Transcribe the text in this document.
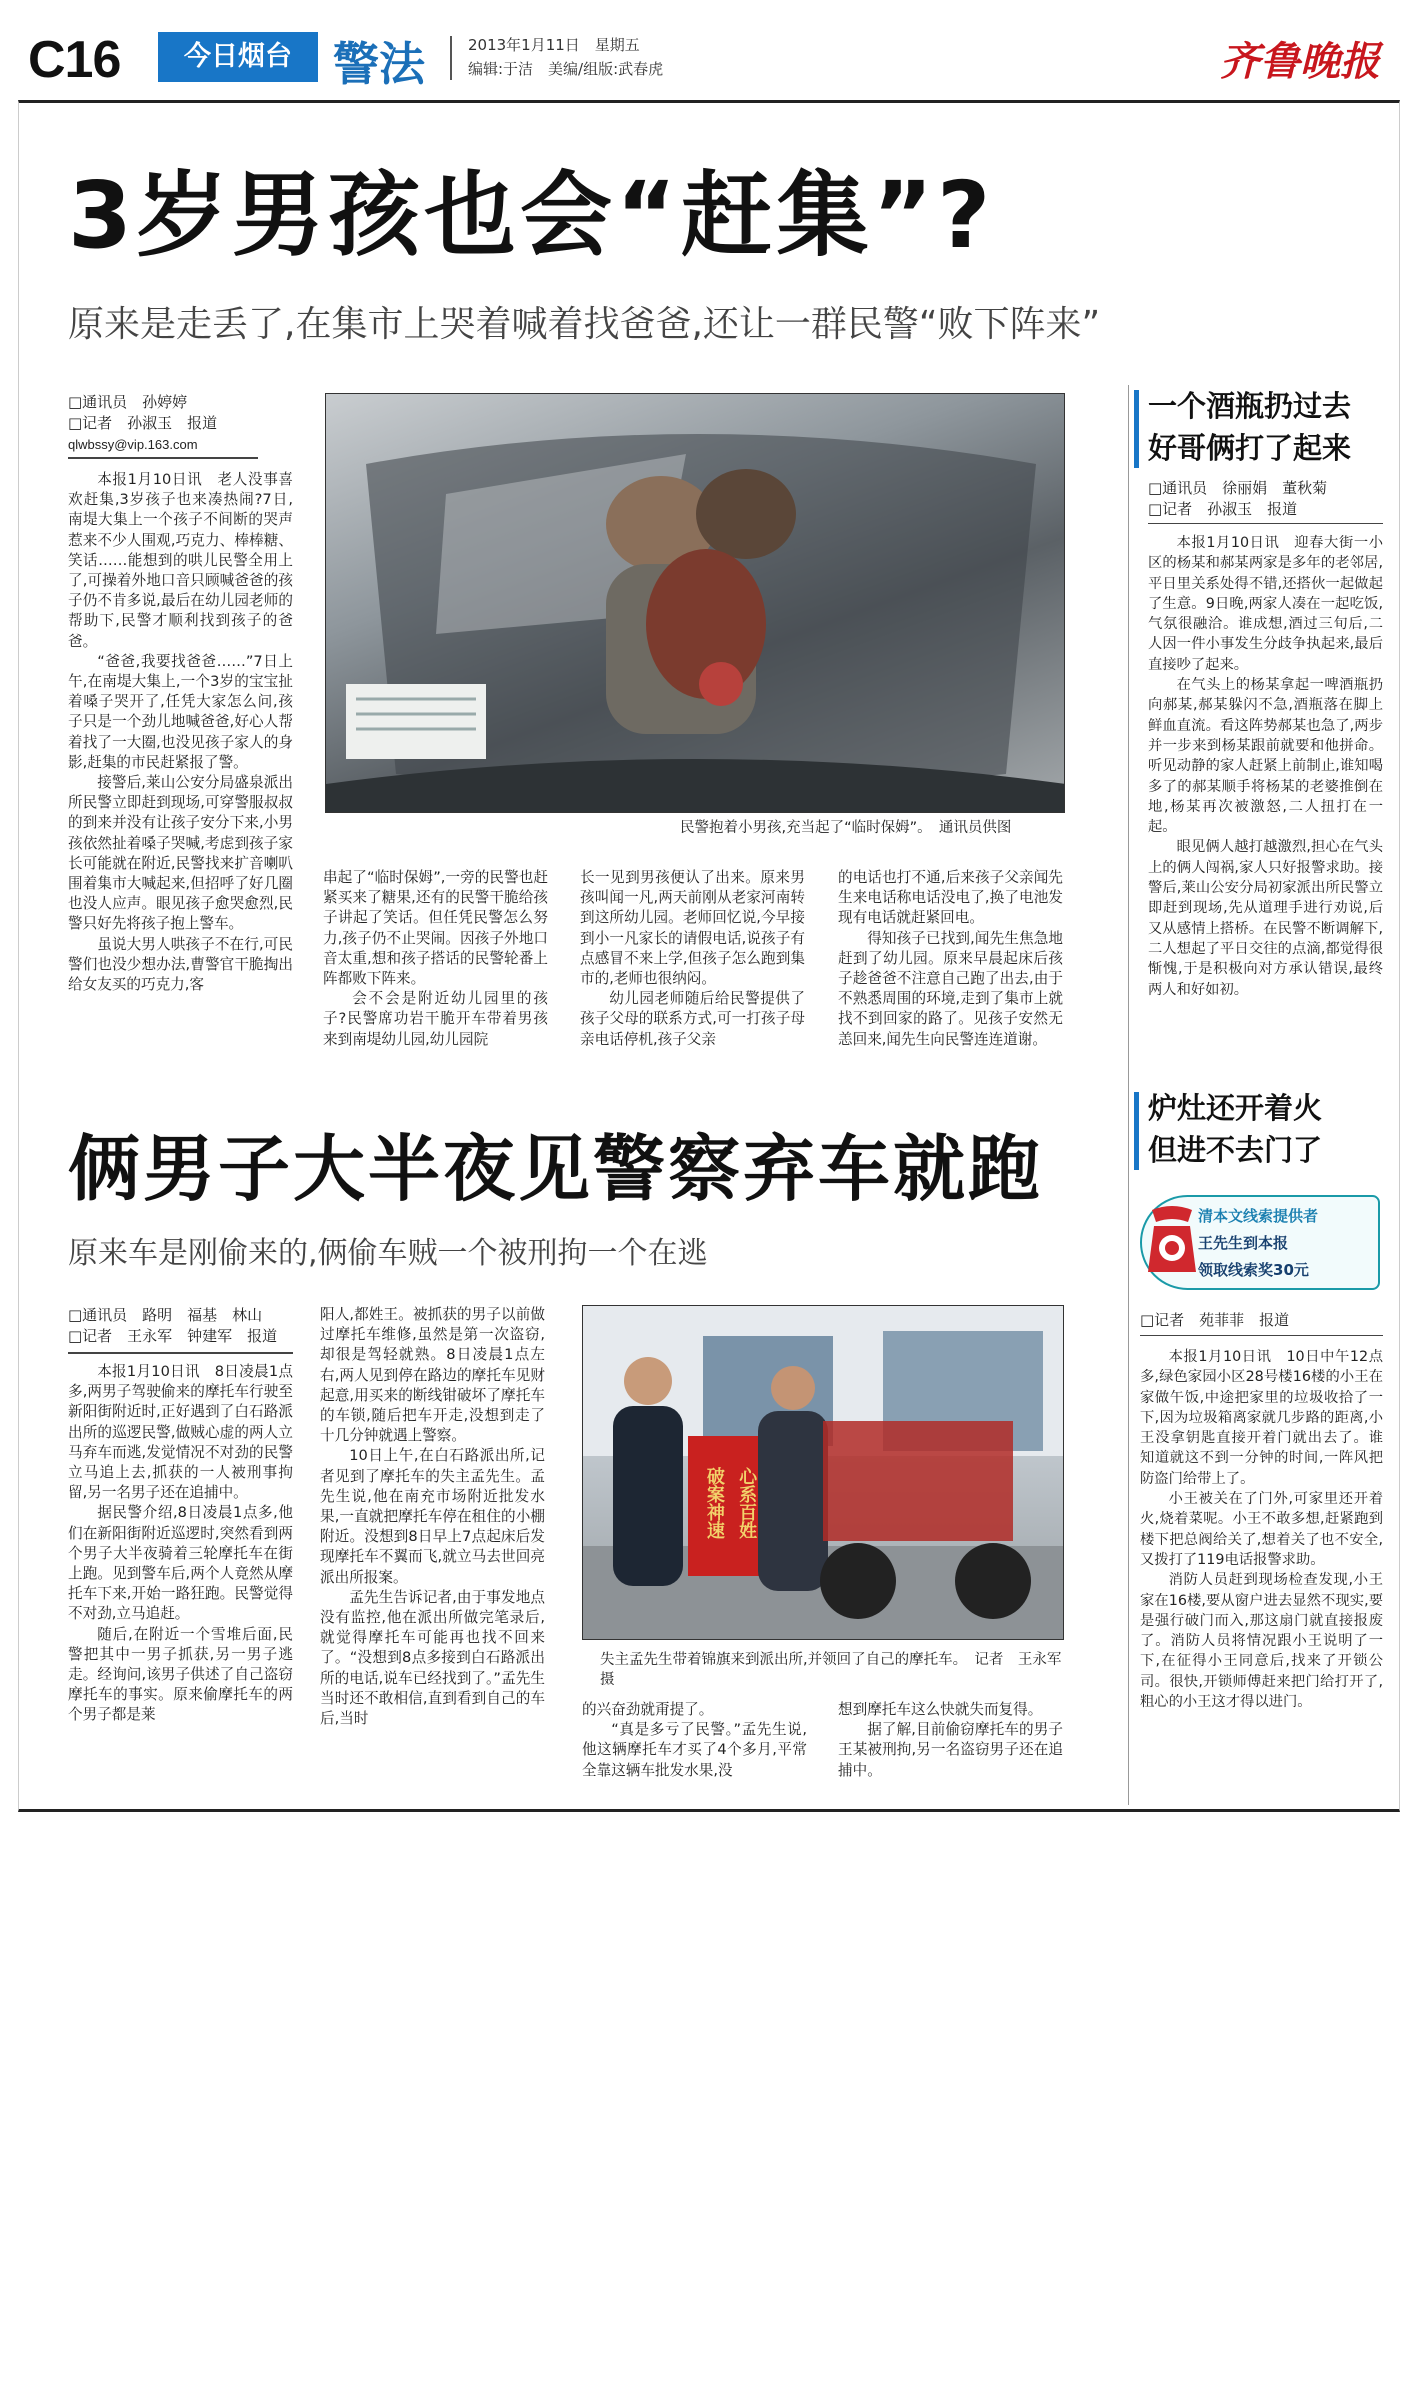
C16	今日烟台 警法	2013年1月11日　星期五
编辑:于洁　美编/组版:武春虎	齐鲁晚报
3岁男孩也会“赶集”?
原来是走丢了,在集市上哭着喊着找爸爸,还让一群民警“败下阵来”
□通讯员　孙婷婷
□记者　孙淑玉　报道
qlwbssy@vip.163.com
民警抱着小男孩,充当起了“临时保姆”。　通讯员供图

本报1月10日讯　老人没事喜欢赶集,3岁孩子也来凑热闹?7日,南堤大集上一个孩子不间断的哭声惹来不少人围观,巧克力、棒棒糖、笑话……能想到的哄儿民警全用上了,可操着外地口音只顾喊爸爸的孩子仍不肯多说,最后在幼儿园老师的帮助下,民警才顺利找到孩子的爸爸。

“爸爸,我要找爸爸……”7日上午,在南堤大集上,一个3岁的宝宝扯着嗓子哭开了,任凭大家怎么问,孩子只是一个劲儿地喊爸爸,好心人帮着找了一大圈,也没见孩子家人的身影,赶集的市民赶紧报了警。

接警后,莱山公安分局盛泉派出所民警立即赶到现场,可穿警服叔叔的到来并没有让孩子安分下来,小男孩依然扯着嗓子哭喊,考虑到孩子家长可能就在附近,民警找来扩音喇叭围着集市大喊起来,但招呼了好几圈也没人应声。眼见孩子愈哭愈烈,民警只好先将孩子抱上警车。

虽说大男人哄孩子不在行,可民警们也没少想办法,曹警官干脆掏出给女友买的巧克力,客

串起了“临时保姆”,一旁的民警也赶紧买来了糖果,还有的民警干脆给孩子讲起了笑话。但任凭民警怎么努力,孩子仍不止哭闹。因孩子外地口音太重,想和孩子搭话的民警轮番上阵都败下阵来。

会不会是附近幼儿园里的孩子?民警席功岩干脆开车带着男孩来到南堤幼儿园,幼儿园院

长一见到男孩便认了出来。原来男孩叫闻一凡,两天前刚从老家河南转到这所幼儿园。老师回忆说,今早接到小一凡家长的请假电话,说孩子有点感冒不来上学,但孩子怎么跑到集市的,老师也很纳闷。

幼儿园老师随后给民警提供了孩子父母的联系方式,可一打孩子母亲电话停机,孩子父亲

的电话也打不通,后来孩子父亲闻先生来电话称电话没电了,换了电池发现有电话就赶紧回电。

得知孩子已找到,闻先生焦急地赶到了幼儿园。原来早晨起床后孩子趁爸爸不注意自己跑了出去,由于不熟悉周围的环境,走到了集市上就找不到回家的路了。见孩子安然无恙回来,闻先生向民警连连道谢。

俩男子大半夜见警察弃车就跑
原来车是刚偷来的,俩偷车贼一个被刑拘一个在逃
□通讯员　路明　福基　林山
□记者　王永军　钟建军　报道

本报1月10日讯　8日凌晨1点多,两男子驾驶偷来的摩托车行驶至新阳街附近时,正好遇到了白石路派出所的巡逻民警,做贼心虚的两人立马弃车而逃,发觉情况不对劲的民警立马追上去,抓获的一人被刑事拘留,另一名男子还在追捕中。

据民警介绍,8日凌晨1点多,他们在新阳街附近巡逻时,突然看到两个男子大半夜骑着三轮摩托车在街上跑。见到警车后,两个人竟然从摩托车下来,开始一路狂跑。民警觉得不对劲,立马追赶。

随后,在附近一个雪堆后面,民警把其中一男子抓获,另一男子逃走。经询问,该男子供述了自己盗窃摩托车的事实。原来偷摩托车的两个男子都是莱

阳人,都姓王。被抓获的男子以前做过摩托车维修,虽然是第一次盗窃,却很是驾轻就熟。8日凌晨1点左右,两人见到停在路边的摩托车见财起意,用买来的断线钳破坏了摩托车的车锁,随后把车开走,没想到走了十几分钟就遇上警察。

10日上午,在白石路派出所,记者见到了摩托车的失主孟先生。孟先生说,他在南充市场附近批发水果,一直就把摩托车停在租住的小棚附近。没想到8日早上7点起床后发现摩托车不翼而飞,就立马去世回亮派出所报案。

孟先生告诉记者,由于事发地点没有监控,他在派出所做完笔录后,就觉得摩托车可能再也找不回来了。“没想到8点多接到白石路派出所的电话,说车已经找到了。”孟先生当时还不敢相信,直到看到自己的车后,当时

破案神速 心系百姓
失主孟先生带着锦旗来到派出所,并领回了自己的摩托车。　记者　王永军　摄

的兴奋劲就甭提了。

“真是多亏了民警。”孟先生说,他这辆摩托车才买了4个多月,平常全靠这辆车批发水果,没

想到摩托车这么快就失而复得。

据了解,目前偷窃摩托车的男子王某被刑拘,另一名盗窃男子还在追捕中。

一个酒瓶扔过去
好哥俩打了起来
□通讯员　徐丽娟　董秋菊
□记者　孙淑玉　报道

本报1月10日讯　迎春大街一小区的杨某和郝某两家是多年的老邻居,平日里关系处得不错,还搭伙一起做起了生意。9日晚,两家人凑在一起吃饭,气氛很融洽。谁成想,酒过三旬后,二人因一件小事发生分歧争执起来,最后直接吵了起来。

在气头上的杨某拿起一啤酒瓶扔向郝某,郝某躲闪不急,酒瓶落在脚上鲜血直流。看这阵势郝某也急了,两步并一步来到杨某跟前就要和他拼命。听见动静的家人赶紧上前制止,谁知喝多了的郝某顺手将杨某的老婆推倒在地,杨某再次被激怒,二人扭打在一起。

眼见俩人越打越激烈,担心在气头上的俩人闯祸,家人只好报警求助。接警后,莱山公安分局初家派出所民警立即赶到现场,先从道理手进行劝说,后又从感情上搭桥。在民警不断调解下,二人想起了平日交往的点滴,都觉得很惭愧,于是积极向对方承认错误,最终两人和好如初。

炉灶还开着火
但进不去门了
清本文线索提供者
王先生到本报
领取线索奖30元
□记者　苑菲菲　报道

本报1月10日讯　10日中午12点多,绿色家园小区28号楼16楼的小王在家做午饭,中途把家里的垃圾收拾了一下,因为垃圾箱离家就几步路的距离,小王没拿钥匙直接开着门就出去了。谁知道就这不到一分钟的时间,一阵风把防盗门给带上了。

小王被关在了门外,可家里还开着火,烧着菜呢。小王不敢多想,赶紧跑到楼下把总阀给关了,想着关了也不安全,又拨打了119电话报警求助。

消防人员赶到现场检查发现,小王家在16楼,要从窗户进去显然不现实,要是强行破门而入,那这扇门就直接报废了。消防人员将情况跟小王说明了一下,在征得小王同意后,找来了开锁公司。很快,开锁师傅赶来把门给打开了,粗心的小王这才得以进门。
